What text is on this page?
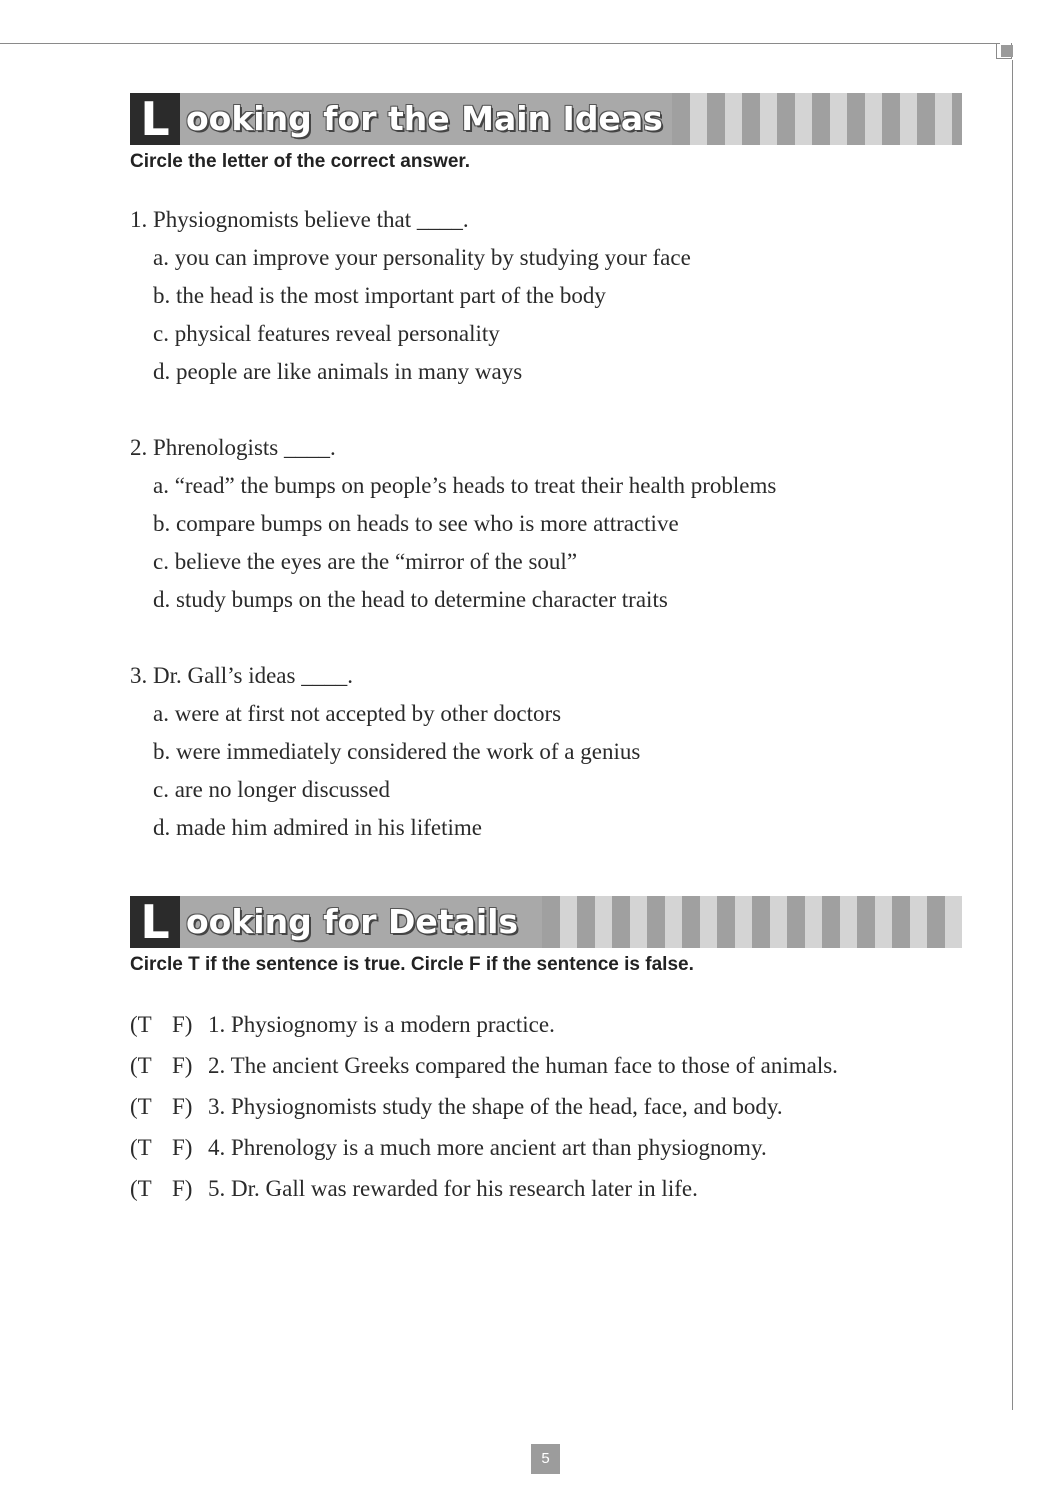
L ooking for the Main Ideas
Circle the letter of the correct answer.
1. Physiognomists believe that ____.
a. you can improve your personality by studying your face
b. the head is the most important part of the body
c. physical features reveal personality
d. people are like animals in many ways
2. Phrenologists ____.
a. “read” the bumps on people’s heads to treat their health problems
b. compare bumps on heads to see who is more attractive
c. believe the eyes are the “mirror of the soul”
d. study bumps on the head to determine character traits
3. Dr. Gall’s ideas ____.
a. were at first not accepted by other doctors
b. were immediately considered the work of a genius
c. are no longer discussed
d. made him admired in his lifetime
L ooking for Details
Circle T if the sentence is true. Circle F if the sentence is false.
(T F) 1. Physiognomy is a modern practice.
(T F) 2. The ancient Greeks compared the human face to those of animals.
(T F) 3. Physiognomists study the shape of the head, face, and body.
(T F) 4. Phrenology is a much more ancient art than physiognomy.
(T F) 5. Dr. Gall was rewarded for his research later in life.
5
